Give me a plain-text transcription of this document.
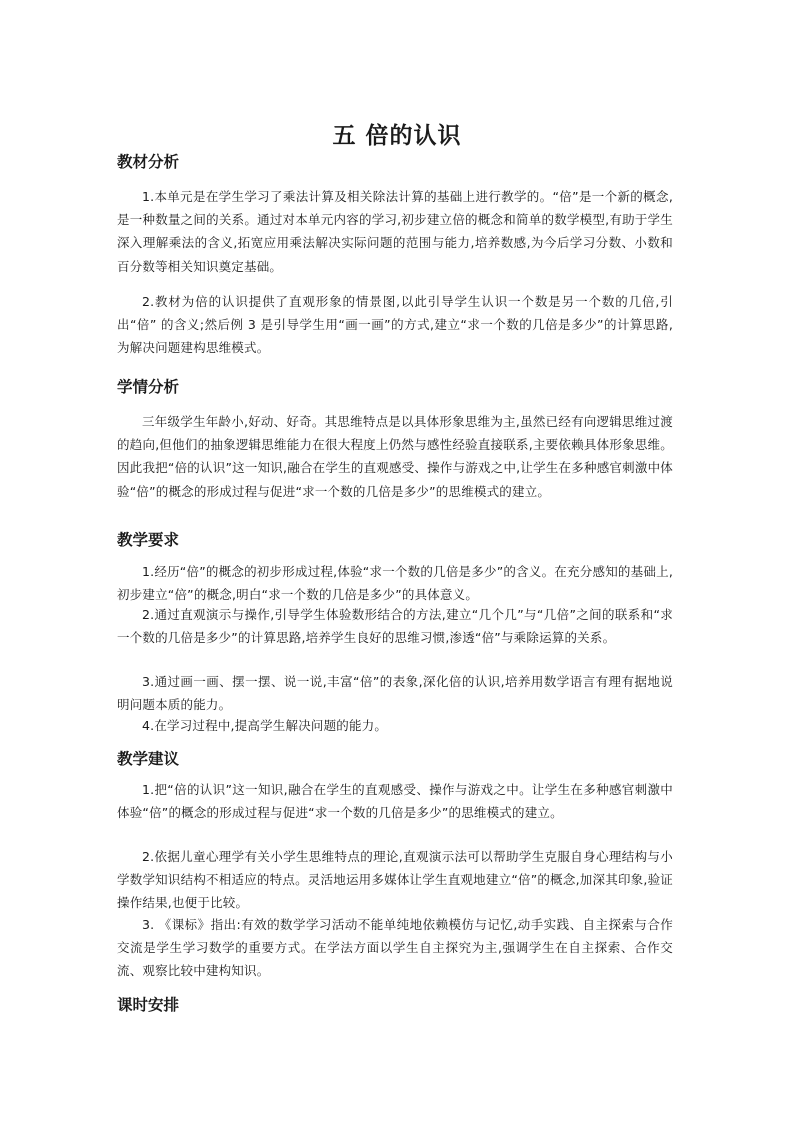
五 倍的认识
教材分析

1.本单元是在学生学习了乘法计算及相关除法计算的基础上进行教学的。“倍”是一个新的概念,是一种数量之间的关系。通过对本单元内容的学习,初步建立倍的概念和简单的数学模型,有助于学生深入理解乘法的含义,拓宽应用乘法解决实际问题的范围与能力,培养数感,为今后学习分数、小数和百分数等相关知识奠定基础。

2.教材为倍的认识提供了直观形象的情景图,以此引导学生认识一个数是另一个数的几倍,引出“倍” 的含义;然后例 3 是引导学生用“画一画”的方式,建立“求一个数的几倍是多少”的计算思路,为解决问题建构思维模式。

学情分析

三年级学生年龄小,好动、好奇。其思维特点是以具体形象思维为主,虽然已经有向逻辑思维过渡的趋向,但他们的抽象逻辑思维能力在很大程度上仍然与感性经验直接联系,主要依赖具体形象思维。因此我把“倍的认识”这一知识,融合在学生的直观感受、操作与游戏之中,让学生在多种感官刺激中体验“倍”的概念的形成过程与促进“求一个数的几倍是多少”的思维模式的建立。

教学要求

1.经历“倍”的概念的初步形成过程,体验“求一个数的几倍是多少”的含义。在充分感知的基础上,初步建立“倍”的概念,明白“求一个数的几倍是多少”的具体意义。

2.通过直观演示与操作,引导学生体验数形结合的方法,建立“几个几”与“几倍”之间的联系和“求一个数的几倍是多少”的计算思路,培养学生良好的思维习惯,渗透“倍”与乘除运算的关系。

3.通过画一画、摆一摆、说一说,丰富“倍”的表象,深化倍的认识,培养用数学语言有理有据地说明问题本质的能力。

4.在学习过程中,提高学生解决问题的能力。

教学建议

1.把“倍的认识”这一知识,融合在学生的直观感受、操作与游戏之中。让学生在多种感官刺激中体验“倍”的概念的形成过程与促进“求一个数的几倍是多少”的思维模式的建立。

2.依据儿童心理学有关小学生思维特点的理论,直观演示法可以帮助学生克服自身心理结构与小学数学知识结构不相适应的特点。灵活地运用多媒体让学生直观地建立“倍”的概念,加深其印象,验证操作结果,也便于比较。

3. 《课标》指出:有效的数学学习活动不能单纯地依赖模仿与记忆,动手实践、自主探索与合作交流是学生学习数学的重要方式。在学法方面以学生自主探究为主,强调学生在自主探索、合作交流、观察比较中建构知识。

课时安排
